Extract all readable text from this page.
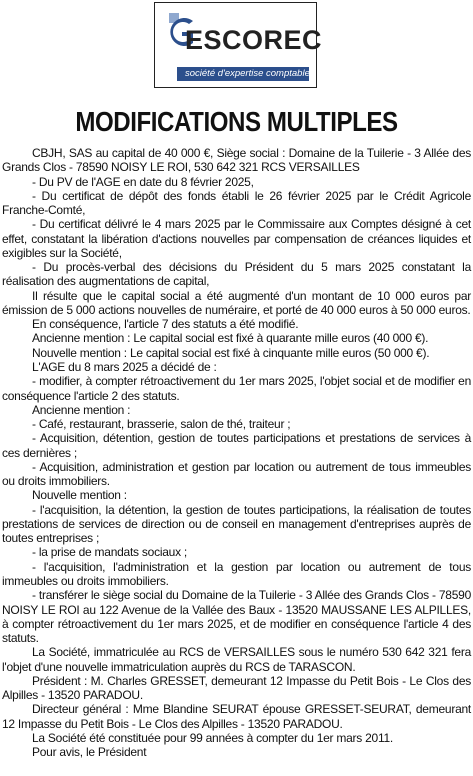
ESCOREC
société d'expertise comptable
MODIFICATIONS MULTIPLES

CBJH, SAS au capital de 40 000 €, Siège social : Domaine de la Tuilerie - 3 Allée des Grands Clos - 78590 NOISY LE ROI, 530 642 321 RCS VERSAILLES

- Du PV de l'AGE en date du 8 février 2025,

- Du certificat de dépôt des fonds établi le 26 février 2025 par le Crédit Agricole Franche-Comté,

- Du certificat délivré le 4 mars 2025 par le Commissaire aux Comptes désigné à cet effet, constatant la libération d'actions nouvelles par compensation de créances liquides et exigibles sur la Société,

- Du procès-verbal des décisions du Président du 5 mars 2025 constatant la réalisation des augmentations de capital,

Il résulte que le capital social a été augmenté d'un montant de 10 000 euros par émission de 5 000 actions nouvelles de numéraire, et porté de 40 000 euros à 50 000 euros.

En conséquence, l'article 7 des statuts a été modifié.

Ancienne mention : Le capital social est fixé à quarante mille euros (40 000 €).

Nouvelle mention : Le capital social est fixé à cinquante mille euros (50 000 €).

L'AGE du 8 mars 2025 a décidé de :

- modifier, à compter rétroactivement du 1er mars 2025, l'objet social et de modifier en conséquence l'article 2 des statuts.

Ancienne mention :

- Café, restaurant, brasserie, salon de thé, traiteur ;

- Acquisition, détention, gestion de toutes participations et prestations de services à ces dernières ;

- Acquisition, administration et gestion par location ou autrement de tous immeubles ou droits immobiliers.

Nouvelle mention :

- l'acquisition, la détention, la gestion de toutes participations, la réalisation de toutes prestations de services de direction ou de conseil en management d'entreprises auprès de toutes entreprises ;

- la prise de mandats sociaux ;

- l'acquisition, l'administration et la gestion par location ou autrement de tous immeubles ou droits immobiliers.

- transférer le siège social du Domaine de la Tuilerie - 3 Allée des Grands Clos - 78590 NOISY LE ROI au 122 Avenue de la Vallée des Baux - 13520 MAUSSANE LES ALPILLES, à compter rétroactivement du 1er mars 2025, et de modifier en conséquence l'article 4 des statuts.

La Société, immatriculée au RCS de VERSAILLES sous le numéro 530 642 321 fera l'objet d'une nouvelle immatriculation auprès du RCS de TARASCON.

Président : M. Charles GRESSET, demeurant 12 Impasse du Petit Bois - Le Clos des Alpilles - 13520 PARADOU.

Directeur général : Mme Blandine SEURAT épouse GRESSET-SEURAT, demeurant 12 Impasse du Petit Bois - Le Clos des Alpilles - 13520 PARADOU.

La Société été constituée pour 99 années à compter du 1er mars 2011.

Pour avis, le Président
